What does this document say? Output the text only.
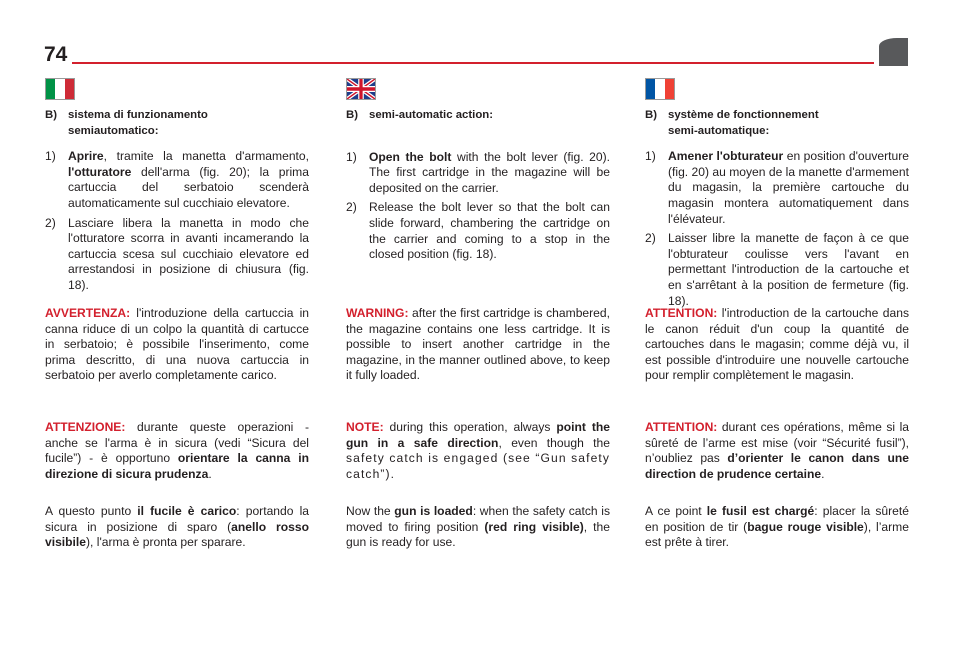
74
B) sistema di funzionamento
semiautomatico:
1) Aprire, tramite la manetta d'armamento, l'otturatore dell'arma (fig. 20); la prima cartuccia del serbatoio scenderà automaticamente sul cucchiaio elevatore.
2) Lasciare libera la manetta in modo che l'otturatore scorra in avanti incamerando la cartuccia scesa sul cucchiaio elevatore ed arrestandosi in posizione di chiusura (fig. 18).
AVVERTENZA: l'introduzione della cartuccia in canna riduce di un colpo la quantità di cartucce in serbatoio; è possibile l'inserimento, come prima descritto, di una nuova cartuccia in serbatoio per averlo completamente carico.
ATTENZIONE: durante queste operazioni - anche se l'arma è in sicura (vedi “Sicura del fucile”) - è opportuno orientare la canna in direzione di sicura prudenza.
A questo punto il fucile è carico: portando la sicura in posizione di sparo (anello rosso visibile), l'arma è pronta per sparare.
B) semi-automatic action:
1) Open the bolt with the bolt lever (fig. 20). The first cartridge in the magazine will be deposited on the carrier.
2) Release the bolt lever so that the bolt can slide forward, chambering the cartridge on the carrier and coming to a stop in the closed position (fig. 18).
WARNING: after the first cartridge is chambered, the magazine contains one less cartridge. It is possible to insert another cartridge in the magazine, in the manner outlined above, to keep it fully loaded.
NOTE: during this operation, always point the gun in a safe direction, even though the safety catch is engaged (see “Gun safety catch”).
Now the gun is loaded: when the safety catch is moved to firing position (red ring visible), the gun is ready for use.
B) système de fonctionnement
semi-automatique:
1) Amener l'obturateur en position d'ouverture (fig. 20) au moyen de la manette d'armement du magasin, la première cartouche du magasin montera automatiquement dans l'élévateur.
2) Laisser libre la manette de façon à ce que l'obturateur coulisse vers l'avant en permettant l'introduction de la cartouche et en s'arrêtant à la position de fermeture (fig. 18).
ATTENTION: l'introduction de la cartouche dans le canon réduit d'un coup la quantité de cartouches dans le magasin; comme déjà vu, il est possible d'introduire une nouvelle cartouche pour remplir complètement le magasin.
ATTENTION: durant ces opérations, même si la sûreté de l’arme est mise (voir “Sécurité fusil”), n’oubliez pas d’orienter le canon dans une direction de prudence certaine.
A ce point le fusil est chargé: placer la sûreté en position de tir (bague rouge visible), l’arme est prête à tirer.
